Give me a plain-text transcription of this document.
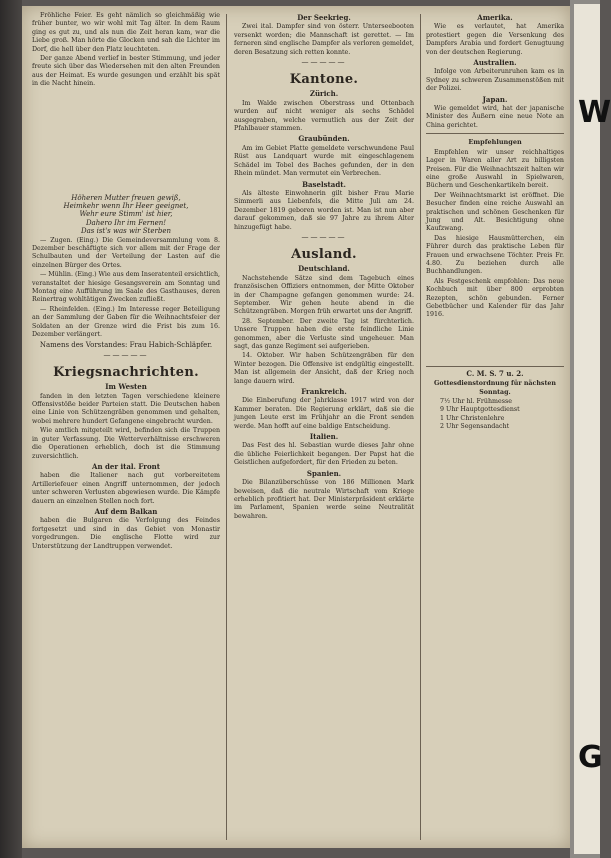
Fröhliche Feier. Es geht nämlich so gleichmäßig wie früher bunter, wo wir wohl mit Tag älter. In dem Raum ging es gut zu, und als nun die Zeit heran kam, war die Liebe groß. Man hörte die Glocken und sah die Lichter im Dorf, die hell über den Platz leuchteten.

Der ganze Abend verlief in bester Stimmung, und jeder freute sich über das Wiedersehen mit den alten Freunden aus der Heimat. Es wurde gesungen und erzählt bis spät in die Nacht hinein.

Höheren Mutter freuen gewiß,
Heimkehr wenn Ihr Heer geeignet,
Wehr eure Stimm' ist hier,
Dahero Ihr im Fernen!
Das ist's was wir Sterben

— Zugen. (Eing.) Die Gemeindeversammlung vom 8. Dezember beschäftigte sich vor allem mit der Frage der Schulbauten und der Verteilung der Lasten auf die einzelnen Bürger des Ortes.

— Mühlin. (Eing.) Wie aus dem Inseratenteil ersichtlich, veranstaltet der hiesige Gesangsverein am Sonntag und Montag eine Aufführung im Saale des Gasthauses, deren Reinertrag wohltätigen Zwecken zufließt.

— Rheinfelden. (Eing.) Im Interesse reger Beteiligung an der Sammlung der Gaben für die Weihnachtsfeier der Soldaten an der Grenze wird die Frist bis zum 16. Dezember verlängert.

Namens des Vorstandes: Frau Habich-Schläpfer.
—————
Kriegsnachrichten.
Im Westen

fanden in den letzten Tagen verschiedene kleinere Offensivstöße beider Parteien statt. Die Deutschen haben eine Linie von Schützengräben genommen und gehalten, wobei mehrere hundert Gefangene eingebracht wurden.

Wie amtlich mitgeteilt wird, befinden sich die Truppen in guter Verfassung. Die Wetterverhältnisse erschweren die Operationen erheblich, doch ist die Stimmung zuversichtlich.

An der ital. Front

haben die Italiener nach gut vorbereitetem Artilleriefeuer einen Angriff unternommen, der jedoch unter schweren Verlusten abgewiesen wurde. Die Kämpfe dauern an einzelnen Stellen noch fort.

Auf dem Balkan

haben die Bulgaren die Verfolgung des Feindes fortgesetzt und sind in das Gebiet von Monastir vorgedrungen. Die englische Flotte wird zur Unterstützung der Landtruppen verwendet.

Der Seekrieg.

Zwei ital. Dampfer sind von österr. Unterseebooten versenkt worden; die Mannschaft ist gerettet. — Im ferneren sind englische Dampfer als verloren gemeldet, deren Besatzung sich retten konnte.

—————
Kantone.
Zürich.

Im Walde zwischen Oberstrass und Ottenbach wurden auf nicht weniger als sechs Schädel ausgegraben, welche vermutlich aus der Zeit der Pfahlbauer stammen.

Graubünden.

Am im Gebiet Platte gemeldete verschwundene Paul Rüst aus Landquart wurde mit eingeschlagenem Schädel im Tobel des Baches gefunden, der in den Rhein mündet. Man vermutet ein Verbrechen.

Baselstadt.

Als älteste Einwohnerin gilt bisher Frau Marie Simmerli aus Liebenfels, die Mitte Juli am 24. Dezember 1819 geboren worden ist. Man ist nun aber darauf gekommen, daß sie 97 Jahre zu ihrem Alter hinzugefügt habe.

—————
Ausland.
Deutschland.

Nachstehende Sätze sind dem Tagebuch eines französischen Offiziers entnommen, der Mitte Oktober in der Champagne gefangen genommen wurde: 24. September. Wir gehen heute abend in die Schützengräben. Morgen früh erwartet uns der Angriff.

28. September. Der zweite Tag ist fürchterlich. Unsere Truppen haben die erste feindliche Linie genommen, aber die Verluste sind ungeheuer. Man sagt, das ganze Regiment sei aufgerieben.

14. Oktober. Wir haben Schützengräben für den Winter bezogen. Die Offensive ist endgültig eingestellt. Man ist allgemein der Ansicht, daß der Krieg noch lange dauern wird.

Frankreich.

Die Einberufung der Jahrklasse 1917 wird von der Kammer beraten. Die Regierung erklärt, daß sie die jungen Leute erst im Frühjahr an die Front senden werde. Man hofft auf eine baldige Entscheidung.

Italien.

Das Fest des hl. Sebastian wurde dieses Jahr ohne die übliche Feierlichkeit begangen. Der Papst hat die Geistlichen aufgefordert, für den Frieden zu beten.

Spanien.

Die Bilanzüberschüsse von 186 Millionen Mark beweisen, daß die neutrale Wirtschaft vom Kriege erheblich profitiert hat. Der Ministerpräsident erklärte im Parlament, Spanien werde seine Neutralität bewahren.

Amerika.

Wie es verlautet, hat Amerika protestiert gegen die Versenkung des Dampfers Arabia und fordert Genugtuung von der deutschen Regierung.

Australien.

Infolge von Arbeiterunruhen kam es in Sydney zu schweren Zusammenstößen mit der Polizei.

Japan.

Wie gemeldet wird, hat der japanische Minister des Äußern eine neue Note an China gerichtet.

Empfehlungen

Empfehlen wir unser reichhaltiges Lager in Waren aller Art zu billigsten Preisen. Für die Weihnachtszeit halten wir eine große Auswahl in Spielwaren, Büchern und Geschenkartikeln bereit.

Der Weihnachtsmarkt ist eröffnet. Die Besucher finden eine reiche Auswahl an praktischen und schönen Geschenken für Jung und Alt. Besichtigung ohne Kaufzwang.

Das hiesige Hausmütterchen, ein Führer durch das praktische Leben für Frauen und erwachsene Töchter. Preis Fr. 4.80. Zu beziehen durch alle Buchhandlungen.

Als Festgeschenk empfohlen: Das neue Kochbuch mit über 800 erprobten Rezepten, schön gebunden. Ferner Gebetbücher und Kalender für das Jahr 1916.

C. M. S. 7 u. 2.
Gottesdienstordnung für nächsten Sonntag.
7½ Uhr hl. Frühmesse
9 Uhr Hauptgottesdienst
1 Uhr Christenlehre
2 Uhr Segensandacht
W
G
